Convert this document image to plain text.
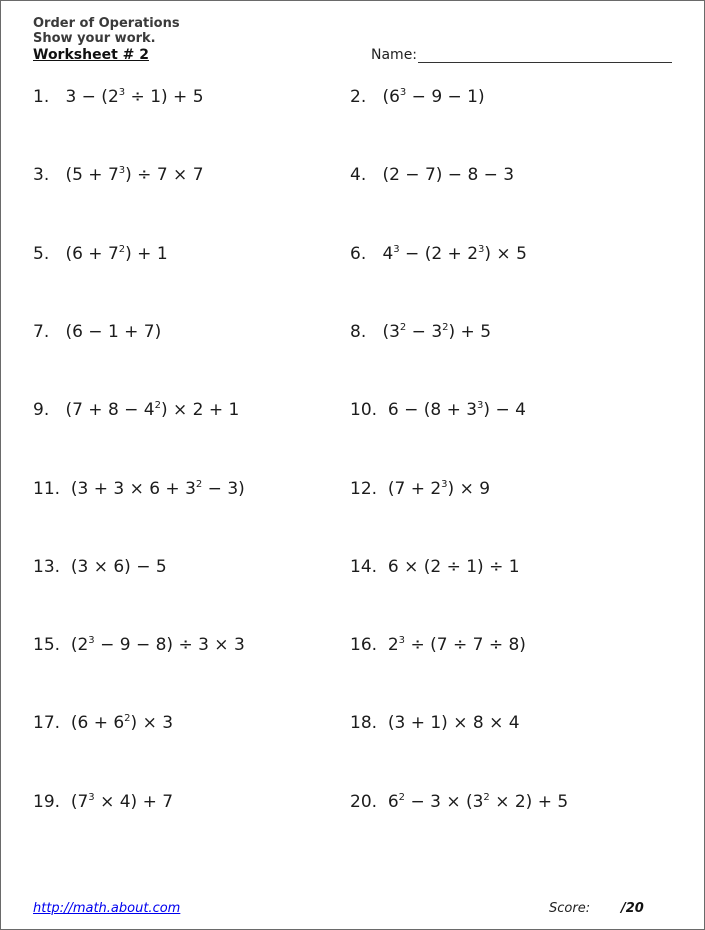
Order of Operations
Show your work.
Worksheet # 2	Name:
1.   $3 - (2^3 \div 1) + 5$	2.   $(6^3 - 9 - 1)$
3.   $(5 + 7^3) \div 7 \times 7$	4.   (2 − 7) − 8 − 3
5.   $(6 + 7^2) + 1$	6.   $4^3 - (2 + 2^3) \times 5$
7.   (6 − 1 + 7)	8.   $(3^2 - 3^2) + 5$
9.   $(7 + 8 - 4^2) \times 2 + 1$	10.  $6 - (8 + 3^3) - 4$
11.  $(3 + 3 \times 6 + 3^2 - 3)$	12.  $(7 + 2^3) \times 9$
13.  (3 × 6) − 5	14.  6 × (2 ÷ 1) ÷ 1
15.  $(2^3 - 9 - 8) \div 3 \times 3$	16.  $2^3 \div (7 \div 7 \div 8)$
17.  $(6 + 6^2) \times 3$	18.  (3 + 1) × 8 × 4
19.  $(7^3 \times 4) + 7$	20.  $6^2 - 3 \times (3^2 \times 2) + 5$
http://math.about.com	Score: /20
